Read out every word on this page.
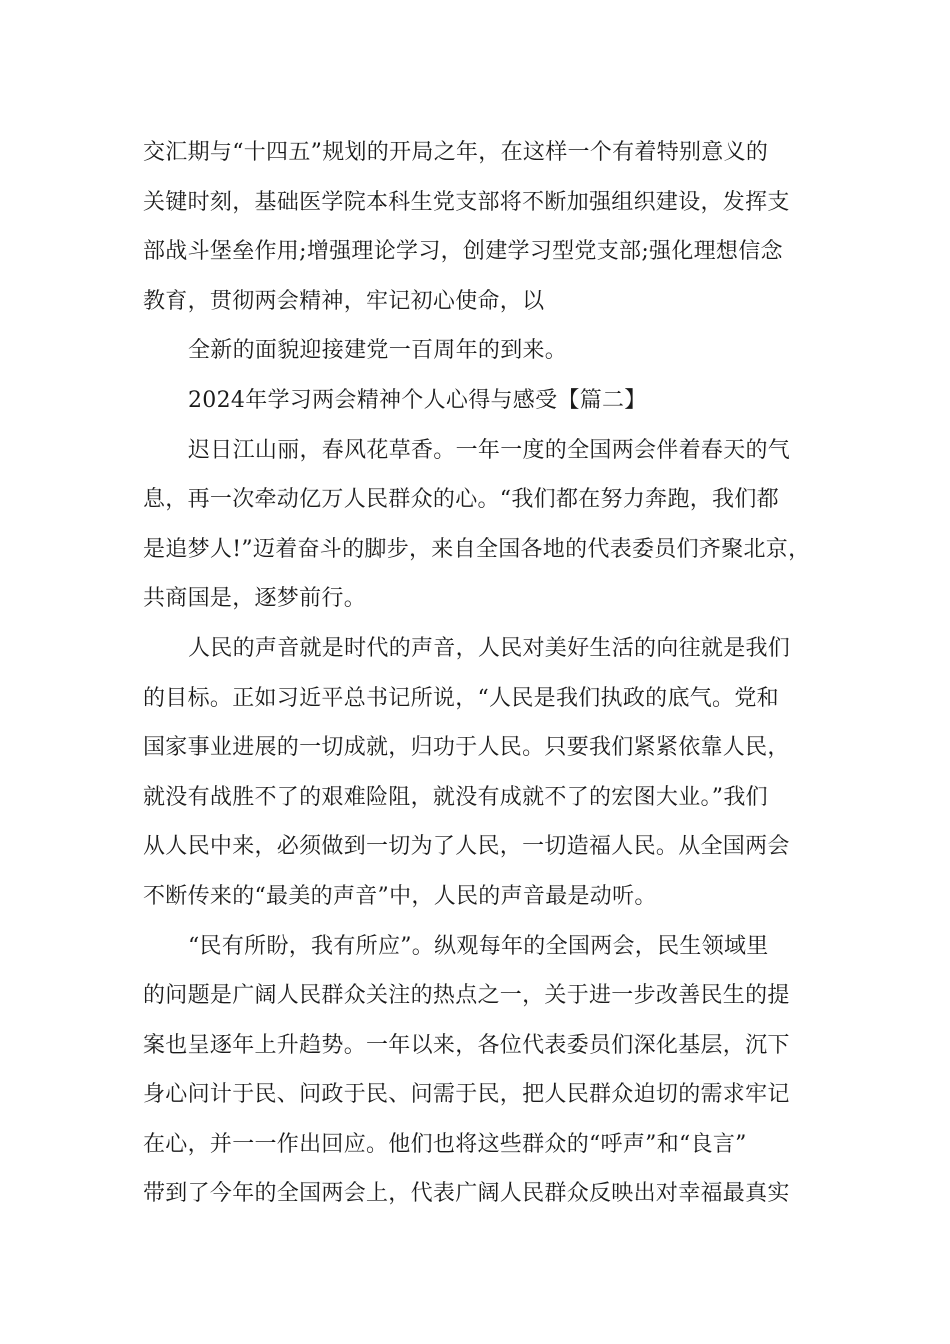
交汇期与“十四五”规划的开局之年，在这样一个有着特别意义的
关键时刻，基础医学院本科生党支部将不断加强组织建设，发挥支
部战斗堡垒作用;增强理论学习，创建学习型党支部;强化理想信念
教育，贯彻两会精神，牢记初心使命，以
全新的面貌迎接建党一百周年的到来。
2024年学习两会精神个人心得与感受【篇二】
迟日江山丽，春风花草香。一年一度的全国两会伴着春天的气
息，再一次牵动亿万人民群众的心。“我们都在努力奔跑，我们都
是追梦人!”迈着奋斗的脚步，来自全国各地的代表委员们齐聚北京，
共商国是，逐梦前行。
人民的声音就是时代的声音，人民对美好生活的向往就是我们
的目标。正如习近平总书记所说，“人民是我们执政的底气。党和
国家事业进展的一切成就，归功于人民。只要我们紧紧依靠人民，
就没有战胜不了的艰难险阻，就没有成就不了的宏图大业。”我们
从人民中来，必须做到一切为了人民，一切造福人民。从全国两会
不断传来的“最美的声音”中，人民的声音最是动听。
“民有所盼，我有所应”。纵观每年的全国两会，民生领域里
的问题是广阔人民群众关注的热点之一，关于进一步改善民生的提
案也呈逐年上升趋势。一年以来，各位代表委员们深化基层，沉下
身心问计于民、问政于民、问需于民，把人民群众迫切的需求牢记
在心，并一一作出回应。他们也将这些群众的“呼声”和“良言”
带到了今年的全国两会上，代表广阔人民群众反映出对幸福最真实
